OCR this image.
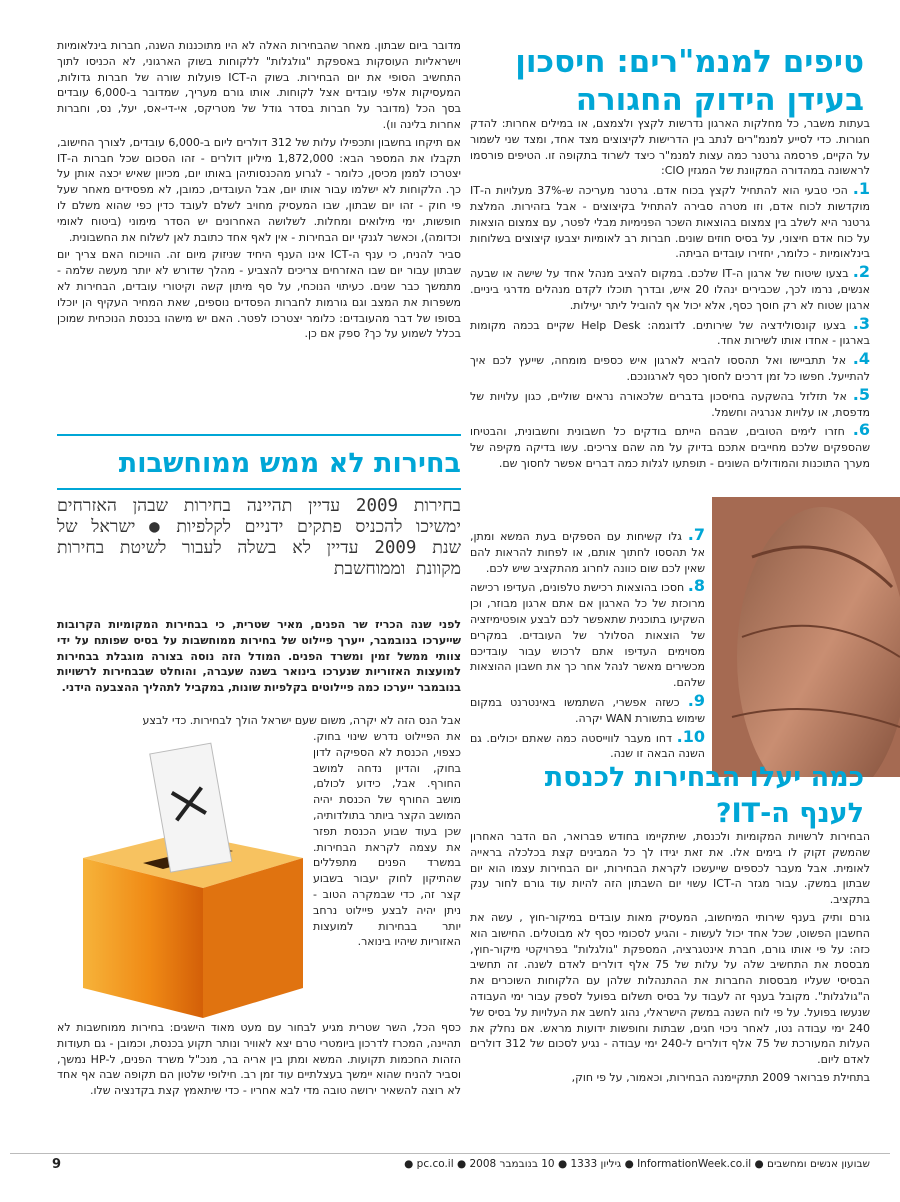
מדובר ביום שבתון. מאחר שהבחירות האלה לא היו מתוכננות השנה, חברות בינלאומיות וישראליות העוסקות באספקת "גולגלות" ללקוחות בשוק הארגוני, לא הכניסו לתוך התחשיב הסופי את יום הבחירות. בשוק ה-ICT פועלות שורה של חברות גדולות, המעסיקות אלפי עובדים אצל לקוחות. אותו גורם מעריך, שמדובר ב-6,000 עובדים בסך הכל (מדובר על חברות בסדר גודל של מטריקס, אי-די-אס, יעל, נס, וחברות אחרות בלינה וו).

אם תיקחו בחשבון ותכפילו עלות של 312 דולרים ליום ב-6,000 עובדים, לצורך החישוב, תקבלו את המספר הבא: 1,872,000 מיליון דולרים - זהו הסכום שכל חברות ה-IT יצטרכו לממן מכיסן, כלומר - לגרוע מהכנסותיהן באותו יום, מכיוון שאיש יכצה אותן על כך. הלקוחות לא ישלמו עבור אותו יום, אבל העובדים, כמובן, לא מפסידים מאחר שעל פי חוק - זהו יום שבתון, שבו המעסיק מחויב לשלם לעובד כדין כפי שהוא משלם לו חופשות, ימי מילואים ומחלות. לשלושה האחרונים יש הסדר מימוני (ביטוח לאומי וכדומה), וכאשר לגנקי יום הבחירות - אין לאף אחד כתובת לאן לשלוח את החשבונית.

סביר להניח, כי ענף ה-ICT אינו הענף היחיד שניזוק מיום זה. הוויכוח האם צריך יום שבתון עבור יום שבו האזרחים צריכים להצביע - מהלך שדורש לא יותר מעשה שלמה - מתמשך כבר שנים. כעיתוי הנוכחי, על סף מיתון קשה וקיטורי עובדים, הבחירות לא משפרות את המצב וגם גורמות לחברות הפסדים נוספים, שאת המחיר העקיף הן יוכלו בסופו של דבר מהעובדים: כלומר יצטרכו לפטר. האם יש מישהו בכנסת הנוכחית שמוכן בכלל לשמוע על כך? ספק אם כן.

בחירות לא ממש ממוחשבות
בחירות 2009 עדיין תהיינה בחירות שבהן האזרחים ימשיכו להכניס פתקים ידניים לקלפיות ● ישראל של שנת 2009 עדיין לא בשלה לעבור לשיטת בחירות מקוונת וממוחשבת
לפני שנה הכריז שר הפנים, מאיר שטרית, כי בבחירות המקומיות הקרובות שייערכו בנובמבר, ייערך פיילוט של בחירות ממוחשבות על בסיס שפותח על ידי צוותי ממשל זמין ומשרד הפנים. המודל הזה נוסה בצורה מוגבלת בבחירות למועצות האזוריות שנערכו בינואר בשנה שעברה, והוחלט שבבחירות לרשויות בנובמבר ייערכו כמה פיילוטים בקלפיות שונות, במקביל לתהליך ההצבעה הידני.
אבל הנס הזה לא יקרה, משום שעם ישראל הולך לבחירות. כדי לבצע
את הפיילוט נדרש שינוי בחוק. כצפוי, הכנסת לא הספיקה לדון בחוק, והדיון נדחה למושב החורף. אבל, כידוע לכולם, מושב החורף של הכנסת יהיה המושב הקצר ביותר בתולדותיה, שכן בעוד שבוע הכנסת תפזר את עצמה לקראת הבחירות. במשרד הפנים מתפללים שהתיקון לחוק יעבור בשבוע קצר זה, כדי שבמקרה הטוב - ניתן יהיה לבצע פיילוט נרחב יותר בבחירות למועצות האזוריות שיהיו בינואר.
כסף הכל, השר שטרית מגיע לבחור עם מעט מאוד הישגים: בחירות ממוחשבות לא תהיינה, המכרז לדרכון ביומטרי טרם יצא לאוויר ונותר תקוע בכנסת, וכמובן - גם תעודות הזהות החכמות תקועות. המשא ומתן בין אריה בר, מנכ"ל משרד הפנים, ל-HP נמשך, וסביר להניח שהוא יימשך בעצלתיים עוד זמן רב. חילופי שלטון הם תקופה שבה אף אחד לא רוצה להשאיר ירושה טובה מדי לבא אחריו - כדי שיתאמץ קצת בקדנציה שלו.
טיפים למנמ"רים: חיסכון בעידן הידוק החגורה

בעתות משבר, כל מחלקות הארגון נדרשות לקצץ ולצמצם, או במילים אחרות: להדק חגורות. כדי לסייע למנמ"רים לנתב בין הדרישות לקיצוצים מצד אחד, ומצד שני לשמור על הקיים, פרסמה גרטנר כמה עצות למנמ"ר כיצד לשרוד בתקופה זו. הטיפים פורסמו לראשונה במהדורה המקוונת של המגזין CIO:

1. הכי טבעי הוא להתחיל לקצץ בכוח אדם. גרטנר מעריכה ש-37% מעלויות ה-IT מוקדשות לכוח אדם, וזו מטרה סבירה להתחיל בקיצוצים - אבל בזהירות. המלצת גרטנר היא לשלב בין צמצום בהוצאות השכר הפנימיות מבלי לפטר, עם צמצום הוצאות על כוח אדם חיצוני, על בסיס חוזים שונים. חברות רב לאומיות יצבעו קיצוצים בשלוחות בינלאומיות - כלומר, יחזירו עובדים הביתה.

2. בצעו שיטוח של ארגון ה-IT שלכם. במקום להציב מנהל אחד על שישה או שבעה אנשים, נרמו לכך, שכבירים ינהלו 20 איש, ובדרך תוכלו לקדם מנהלים מדרגי ביניים. ארגון שטוח לא רק חוסך כסף, אלא יכול אף להוביל ליתר יעילות.

3. בצעו קונסולידציה של שירותים. לדוגמה: Help Desk שקיים בכמה מקומות בארגון - אחדו אותו לשירות אחד.

4. אל תתביישו ואל תהססו להביא לארגון איש כספים מומחה, שייעץ לכם איך להתייעל. חפשו כל זמן דרכים לחסוך כסף לארגונכם.

5. אל תזלזל בהשקעה בחיסכון בדברים שלכאורה נראים שוליים, כגון עלויות של מדפסת, או עלויות אנרגיה וחשמל.

6. חזרו לימים הטובים, שבהם הייתם בודקים כל חשבונית וחשבונית, והבטיחו שהספקים שלכם מחייבים אתכם בדיוק על מה שהם צריכים. עשו בדיקה מקיפה של מערך התוכנות והמודולים השונים - תופתעו לגלות כמה דברים אפשר לחסוך שם.

7. גלו קשיחות עם הספקים בעת המשא ומתן, אל תהססו לחתוך אותם, או לפחות להראות להם שאין לכם שום כוונה לחרוג מהתקציב שיש לכם.

8. חסכו בהוצאות רכישת טלפונים, העדיפו רכישה מרוכזת של כל הארגון אם אתם ארגון מבוזר, וכן השקיעו בתוכנית שתאפשר לכם לבצע אופטימיזציה של הוצאות הסלולר של העובדים. במקרים מסוימים העדיפו אתם לרכוש עבור עובדיכם מכשירים מאשר לנהל אחר כך את חשבון ההוצאות שלהם.

9. כשזה אפשרי, השתמשו באינטרנט במקום שימוש בתשורת WAN יקרה.

10. דחו מעבר לווייסטה כמה שאתם יכולים. גם השנה הבאה זו שנה.

כמה יעלו הבחירות לכנסת לענף ה-IT?

הבחירות לרשויות המקומיות ולכנסת, שיתקיימו בחודש פברואר, הם הדבר האחרון שהמשק זקוק לו בימים אלו. את זאת יגידו לך כל המבינים קצת בכלכלה בראייה לאומית. אבל מעבר לכספים שייעשכו לקראת הבחירות, יום הבחירות עצמו הוא יום שבתון במשק. עבור מגזר ה-ICT עשוי יום השבתון הזה להיות עוד גורם לחור ענק בתקציב.

גורם ותיק בענף שירותי המיחשוב, המעסיק מאות עובדים במיקור-חוץ , עשה את החשבון הפשוט, שכל אחד יכול לעשות - והגיע לסכומי כסף לא מבוטלים. החישוב הוא כזה: על פי אותו גורם, חברת אינטגרציה, המספקת "גולגלות" בפרויקטי מיקור-חוץ, מבססת את התחשיב שלה על עלות של 75 אלף דולרים לאדם לשנה. זה תחשיב הבסיסי שעליו מבססות החברות את ההתנהלות שלהן עם הלקוחות השוכרים את ה"גולגלות". מקובל בענף זה לעבוד על בסיס תשלום בפועל לספק עבור ימי העבודה שנעשו בפועל. על פי לוח השנה במשק הישראלי, נהוג לחשב את העלויות על בסיס של 240 ימי עבודה נטו, לאחר ניכוי חגים, שבתות וחופשות ידועות מראש. אם נחלק את העלות המעורכת של 75 אלף דולרים ל-240 ימי עבודה - נגיע לסכום של 312 דולרים לאדם ליום.

בתחילת פברואר 2009 תתקיימנה הבחירות, וכאמור, על פי חוק,

שבועון אנשים ומחשבים ● InformationWeek.co.il ● גיליון 1333 ● 10 בנובמבר 2008 ● pc.co.il ●
9
